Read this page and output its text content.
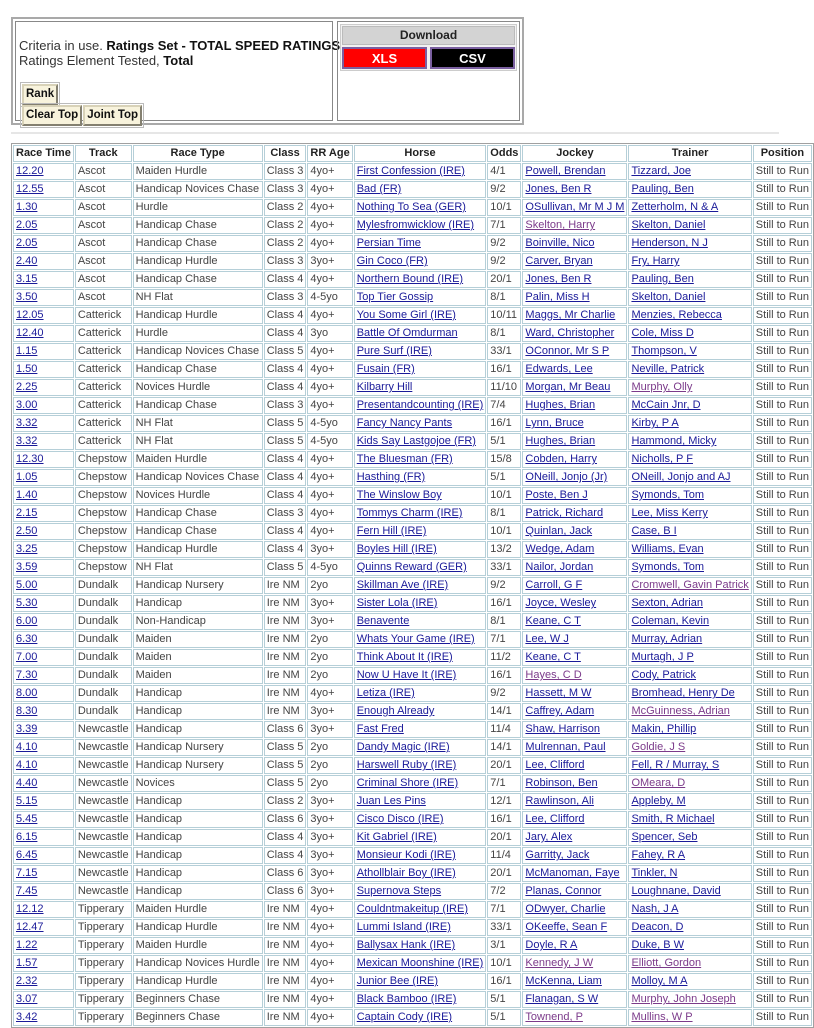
Criteria in use. Ratings Set - TOTAL SPEED RATINGS
Ratings Element Tested, Total
Rank
Clear Top Joint Top
Download
XLS	CSV
Race Time	Track	Race Type	Class	RR Age	Horse	Odds	Jockey	Trainer	Position
12.20	Ascot	Maiden Hurdle	Class 3	4yo+	First Confession (IRE)	4/1	Powell, Brendan	Tizzard, Joe	Still to Run
12.55	Ascot	Handicap Novices Chase	Class 3	4yo+	Bad (FR)	9/2	Jones, Ben R	Pauling, Ben	Still to Run
1.30	Ascot	Hurdle	Class 2	4yo+	Nothing To Sea (GER)	10/1	OSullivan, Mr M J M	Zetterholm, N & A	Still to Run
2.05	Ascot	Handicap Chase	Class 2	4yo+	Mylesfromwicklow (IRE)	7/1	Skelton, Harry	Skelton, Daniel	Still to Run
2.05	Ascot	Handicap Chase	Class 2	4yo+	Persian Time	9/2	Boinville, Nico	Henderson, N J	Still to Run
2.40	Ascot	Handicap Hurdle	Class 3	3yo+	Gin Coco (FR)	9/2	Carver, Bryan	Fry, Harry	Still to Run
3.15	Ascot	Handicap Chase	Class 4	4yo+	Northern Bound (IRE)	20/1	Jones, Ben R	Pauling, Ben	Still to Run
3.50	Ascot	NH Flat	Class 3	4-5yo	Top Tier Gossip	8/1	Palin, Miss H	Skelton, Daniel	Still to Run
12.05	Catterick	Handicap Hurdle	Class 4	4yo+	You Some Girl (IRE)	10/11	Maggs, Mr Charlie	Menzies, Rebecca	Still to Run
12.40	Catterick	Hurdle	Class 4	3yo	Battle Of Omdurman	8/1	Ward, Christopher	Cole, Miss D	Still to Run
1.15	Catterick	Handicap Novices Chase	Class 5	4yo+	Pure Surf (IRE)	33/1	OConnor, Mr S P	Thompson, V	Still to Run
1.50	Catterick	Handicap Chase	Class 4	4yo+	Fusain (FR)	16/1	Edwards, Lee	Neville, Patrick	Still to Run
2.25	Catterick	Novices Hurdle	Class 4	4yo+	Kilbarry Hill	11/10	Morgan, Mr Beau	Murphy, Olly	Still to Run
3.00	Catterick	Handicap Chase	Class 3	4yo+	Presentandcounting (IRE)	7/4	Hughes, Brian	McCain Jnr, D	Still to Run
3.32	Catterick	NH Flat	Class 5	4-5yo	Fancy Nancy Pants	16/1	Lynn, Bruce	Kirby, P A	Still to Run
3.32	Catterick	NH Flat	Class 5	4-5yo	Kids Say Lastgojoe (FR)	5/1	Hughes, Brian	Hammond, Micky	Still to Run
12.30	Chepstow	Maiden Hurdle	Class 4	4yo+	The Bluesman (FR)	15/8	Cobden, Harry	Nicholls, P F	Still to Run
1.05	Chepstow	Handicap Novices Chase	Class 4	4yo+	Hasthing (FR)	5/1	ONeill, Jonjo (Jr)	ONeill, Jonjo and AJ	Still to Run
1.40	Chepstow	Novices Hurdle	Class 4	4yo+	The Winslow Boy	10/1	Poste, Ben J	Symonds, Tom	Still to Run
2.15	Chepstow	Handicap Chase	Class 3	4yo+	Tommys Charm (IRE)	8/1	Patrick, Richard	Lee, Miss Kerry	Still to Run
2.50	Chepstow	Handicap Chase	Class 4	4yo+	Fern Hill (IRE)	10/1	Quinlan, Jack	Case, B I	Still to Run
3.25	Chepstow	Handicap Hurdle	Class 4	3yo+	Boyles Hill (IRE)	13/2	Wedge, Adam	Williams, Evan	Still to Run
3.59	Chepstow	NH Flat	Class 5	4-5yo	Quinns Reward (GER)	33/1	Nailor, Jordan	Symonds, Tom	Still to Run
5.00	Dundalk	Handicap Nursery	Ire NM	2yo	Skillman Ave (IRE)	9/2	Carroll, G F	Cromwell, Gavin Patrick	Still to Run
5.30	Dundalk	Handicap	Ire NM	3yo+	Sister Lola (IRE)	16/1	Joyce, Wesley	Sexton, Adrian	Still to Run
6.00	Dundalk	Non-Handicap	Ire NM	3yo+	Benavente	8/1	Keane, C T	Coleman, Kevin	Still to Run
6.30	Dundalk	Maiden	Ire NM	2yo	Whats Your Game (IRE)	7/1	Lee, W J	Murray, Adrian	Still to Run
7.00	Dundalk	Maiden	Ire NM	2yo	Think About It (IRE)	11/2	Keane, C T	Murtagh, J P	Still to Run
7.30	Dundalk	Maiden	Ire NM	2yo	Now U Have It (IRE)	16/1	Hayes, C D	Cody, Patrick	Still to Run
8.00	Dundalk	Handicap	Ire NM	4yo+	Letiza (IRE)	9/2	Hassett, M W	Bromhead, Henry De	Still to Run
8.30	Dundalk	Handicap	Ire NM	3yo+	Enough Already	14/1	Caffrey, Adam	McGuinness, Adrian	Still to Run
3.39	Newcastle	Handicap	Class 6	3yo+	Fast Fred	11/4	Shaw, Harrison	Makin, Phillip	Still to Run
4.10	Newcastle	Handicap Nursery	Class 5	2yo	Dandy Magic (IRE)	14/1	Mulrennan, Paul	Goldie, J S	Still to Run
4.10	Newcastle	Handicap Nursery	Class 5	2yo	Harswell Ruby (IRE)	20/1	Lee, Clifford	Fell, R / Murray, S	Still to Run
4.40	Newcastle	Novices	Class 5	2yo	Criminal Shore (IRE)	7/1	Robinson, Ben	OMeara, D	Still to Run
5.15	Newcastle	Handicap	Class 2	3yo+	Juan Les Pins	12/1	Rawlinson, Ali	Appleby, M	Still to Run
5.45	Newcastle	Handicap	Class 6	3yo+	Cisco Disco (IRE)	16/1	Lee, Clifford	Smith, R Michael	Still to Run
6.15	Newcastle	Handicap	Class 4	3yo+	Kit Gabriel (IRE)	20/1	Jary, Alex	Spencer, Seb	Still to Run
6.45	Newcastle	Handicap	Class 4	3yo+	Monsieur Kodi (IRE)	11/4	Garritty, Jack	Fahey, R A	Still to Run
7.15	Newcastle	Handicap	Class 6	3yo+	Athollblair Boy (IRE)	20/1	McManoman, Faye	Tinkler, N	Still to Run
7.45	Newcastle	Handicap	Class 6	3yo+	Supernova Steps	7/2	Planas, Connor	Loughnane, David	Still to Run
12.12	Tipperary	Maiden Hurdle	Ire NM	4yo+	Couldntmakeitup (IRE)	7/1	ODwyer, Charlie	Nash, J A	Still to Run
12.47	Tipperary	Handicap Hurdle	Ire NM	4yo+	Lummi Island (IRE)	33/1	OKeeffe, Sean F	Deacon, D	Still to Run
1.22	Tipperary	Maiden Hurdle	Ire NM	4yo+	Ballysax Hank (IRE)	3/1	Doyle, R A	Duke, B W	Still to Run
1.57	Tipperary	Handicap Novices Hurdle	Ire NM	4yo+	Mexican Moonshine (IRE)	10/1	Kennedy, J W	Elliott, Gordon	Still to Run
2.32	Tipperary	Handicap Hurdle	Ire NM	4yo+	Junior Bee (IRE)	16/1	McKenna, Liam	Molloy, M A	Still to Run
3.07	Tipperary	Beginners Chase	Ire NM	4yo+	Black Bamboo (IRE)	5/1	Flanagan, S W	Murphy, John Joseph	Still to Run
3.42	Tipperary	Beginners Chase	Ire NM	4yo+	Captain Cody (IRE)	5/1	Townend, P	Mullins, W P	Still to Run
